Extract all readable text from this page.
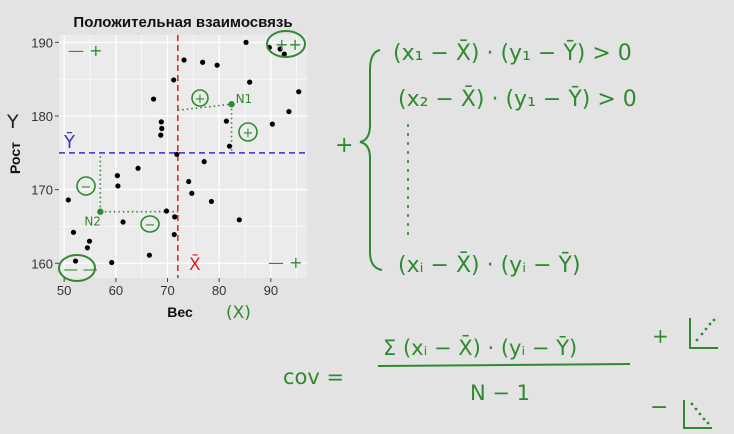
Положительная взаимосвязь
50	60	70	80	90
160
170
180
190
Вес
Рост
(X)
Y
Ȳ
X̄
N1
N2
— +	++
— —	— +
+
+
−
−
+
(x₁ − X̄) · (y₁ − Ȳ) > 0
(x₂ − X̄) · (y₁ − Ȳ) > 0
(xᵢ − X̄) · (yᵢ − Ȳ)
cov =
Σ (xᵢ − X̄) · (yᵢ − Ȳ)
N − 1
+
−
